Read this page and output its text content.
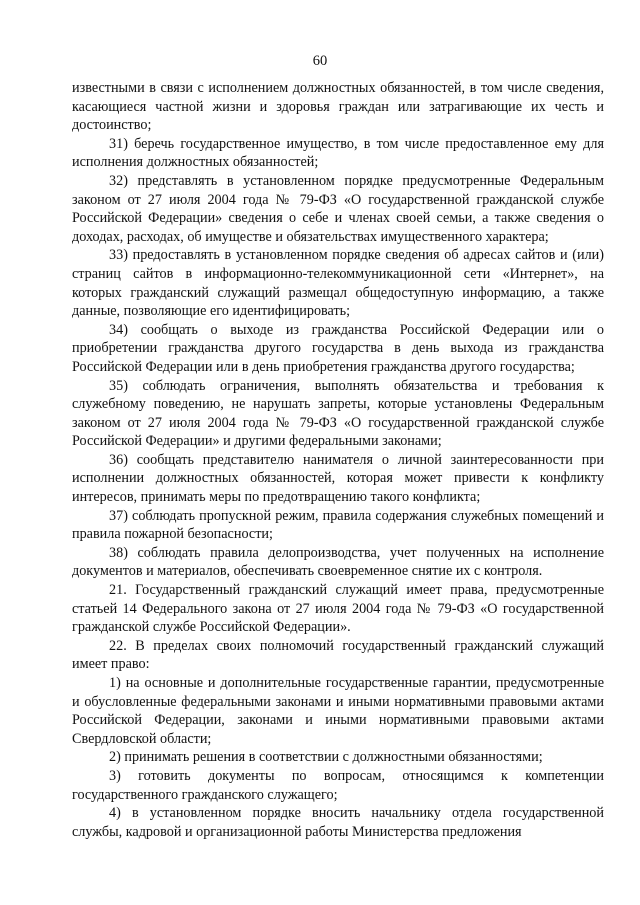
60

известными в связи с исполнением должностных обязанностей, в том числе сведения, касающиеся частной жизни и здоровья граждан или затрагивающие их честь и достоинство;

31) беречь государственное имущество, в том числе предоставленное ему для исполнения должностных обязанностей;

32) представлять в установленном порядке предусмотренные Федеральным законом от 27 июля 2004 года № 79-ФЗ «О государственной гражданской службе Российской Федерации» сведения о себе и членах своей семьи, а также сведения о доходах, расходах, об имуществе и обязательствах имущественного характера;

33) предоставлять в установленном порядке сведения об адресах сайтов и (или) страниц сайтов в информационно-телекоммуникационной сети «Интернет», на которых гражданский служащий размещал общедоступную информацию, а также данные, позволяющие его идентифицировать;

34) сообщать о выходе из гражданства Российской Федерации или о приобретении гражданства другого государства в день выхода из гражданства Российской Федерации или в день приобретения гражданства другого государства;

35) соблюдать ограничения, выполнять обязательства и требования к служебному поведению, не нарушать запреты, которые установлены Федеральным законом от 27 июля 2004 года № 79-ФЗ «О государственной гражданской службе Российской Федерации» и другими федеральными законами;

36) сообщать представителю нанимателя о личной заинтересованности при исполнении должностных обязанностей, которая может привести к конфликту интересов, принимать меры по предотвращению такого конфликта;

37) соблюдать пропускной режим, правила содержания служебных помещений и правила пожарной безопасности;

38) соблюдать правила делопроизводства, учет полученных на исполнение документов и материалов, обеспечивать своевременное снятие их с контроля.

21. Государственный гражданский служащий имеет права, предусмотренные статьей 14 Федерального закона от 27 июля 2004 года № 79-ФЗ «О государственной гражданской службе Российской Федерации».

22. В пределах своих полномочий государственный гражданский служащий имеет право:

1) на основные и дополнительные государственные гарантии, предусмотренные и обусловленные федеральными законами и иными нормативными правовыми актами Российской Федерации, законами и иными нормативными правовыми актами Свердловской области;

2) принимать решения в соответствии с должностными обязанностями;

3) готовить документы по вопросам, относящимся к компетенции государственного гражданского служащего;

4) в установленном порядке вносить начальнику отдела государственной службы, кадровой и организационной работы Министерства предложения
